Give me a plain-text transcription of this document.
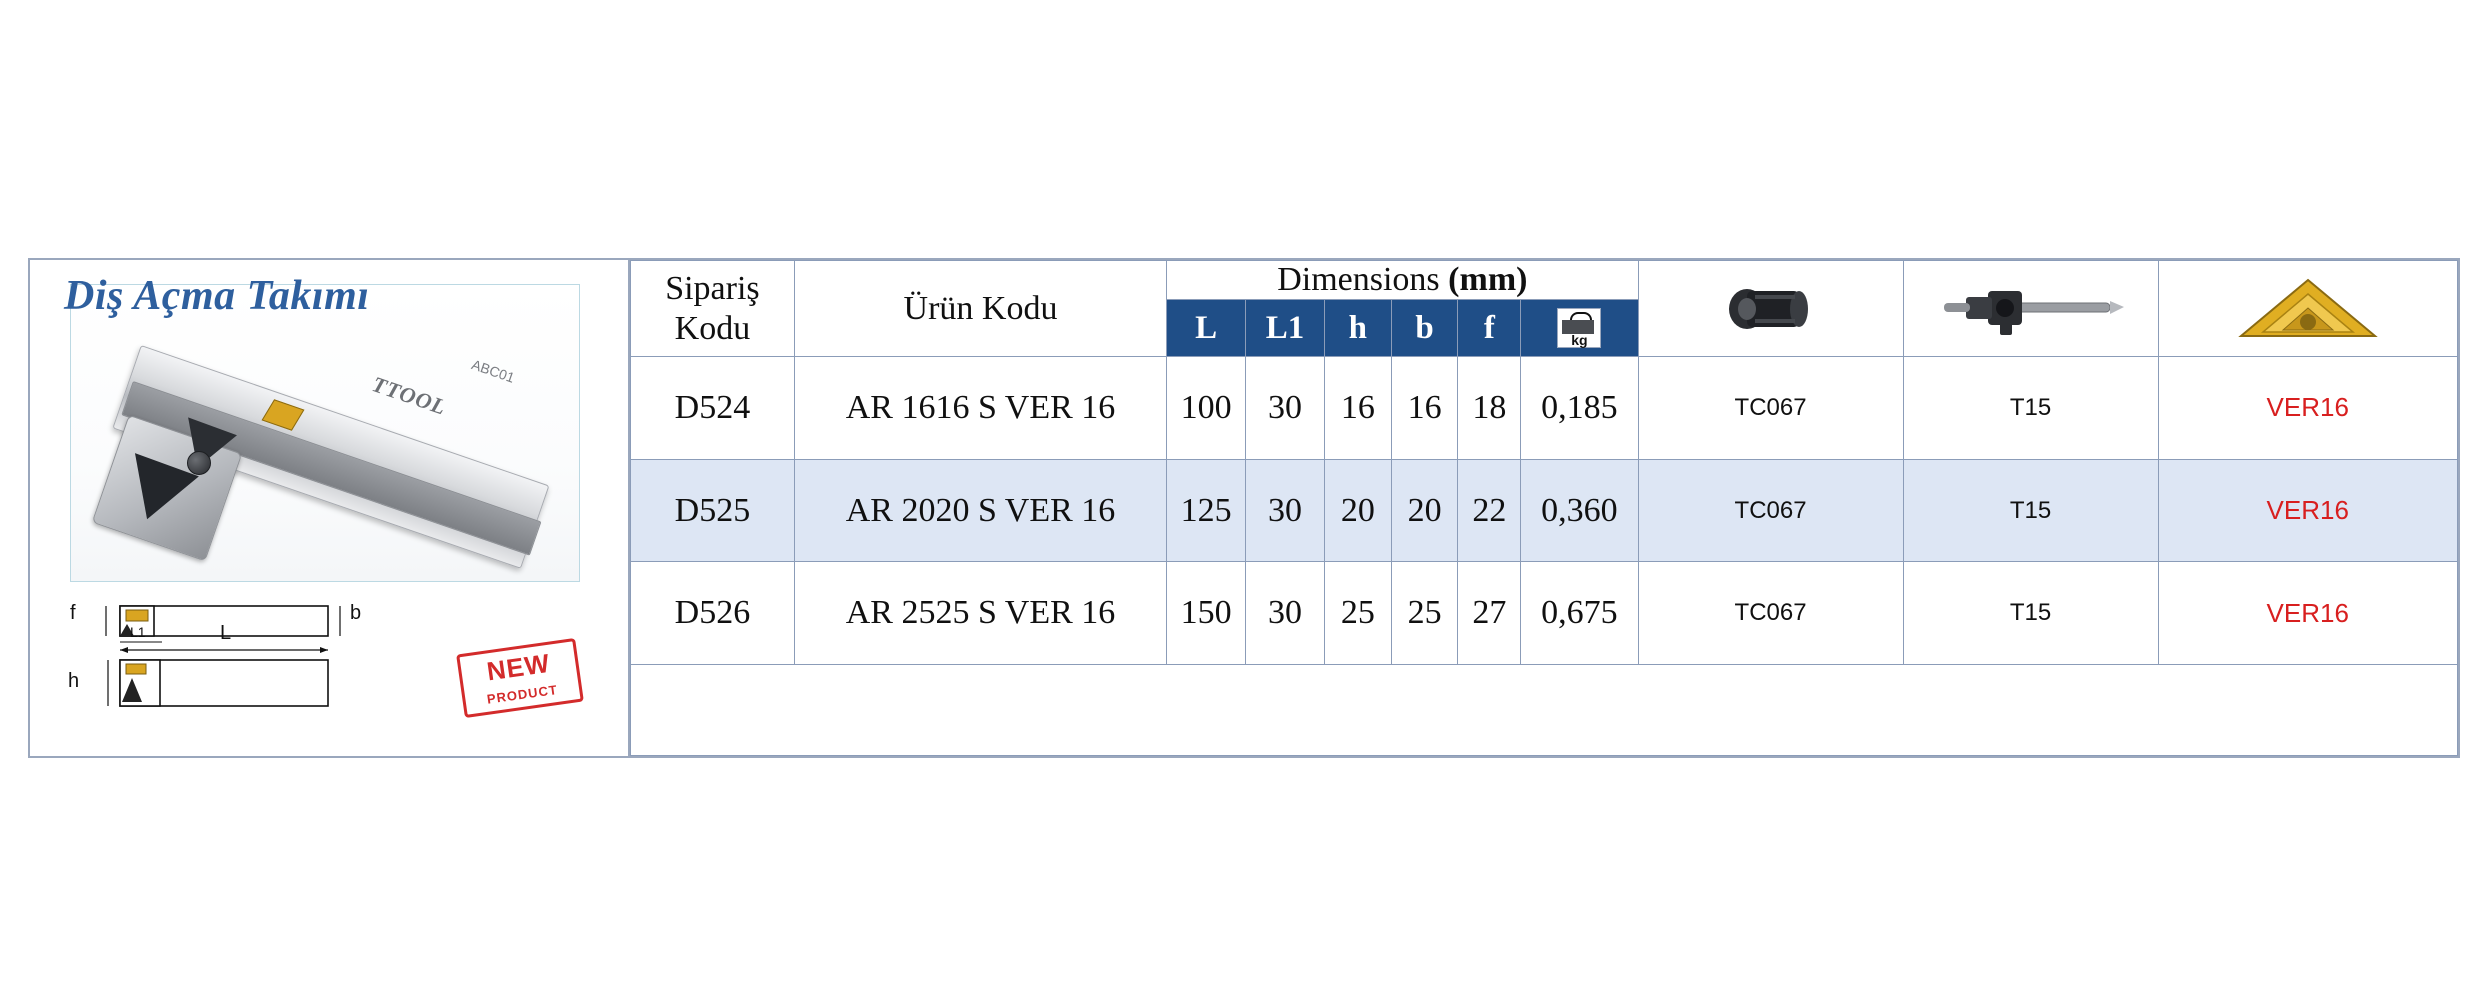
TTOOL
ABC01
Diş Açma Takımı
f	b
h
L
L1
NEW
PRODUCT
Sipariş
Kodu	Ürün Kodu	Dimensions (mm)	

		L	L1	h	b	f	kg			

D524	AR 1616 S VER 16	100	30	16	16	18	0,185	TC067	T15	VER16
D525	AR 2020 S VER 16	125	30	20	20	22	0,360	TC067	T15	VER16
D526	AR 2525 S VER 16	150	30	25	25	27	0,675	TC067	T15	VER16
